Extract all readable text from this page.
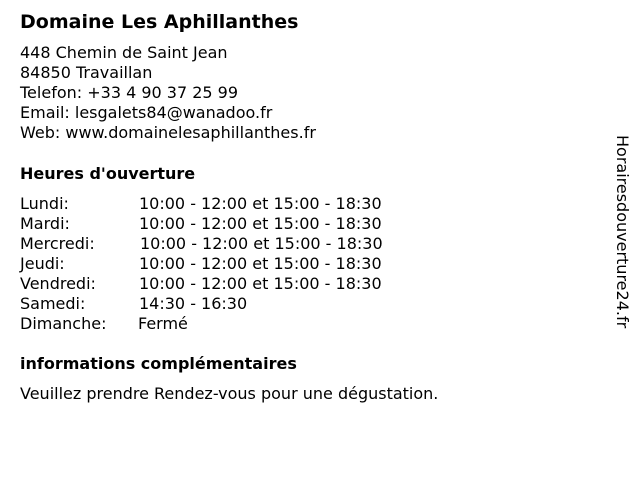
Domaine Les Aphillanthes
448 Chemin de Saint Jean
84850 Travaillan
Telefon: +33 4 90 37 25 99
Email: lesgalets84@wanadoo.fr
Web: www.domainelesaphillanthes.fr
Heures d'ouverture
Lundi:	10:00 - 12:00 et 15:00 - 18:30
Mardi:	10:00 - 12:00 et 15:00 - 18:30
Mercredi:	10:00 - 12:00 et 15:00 - 18:30
Jeudi:	10:00 - 12:00 et 15:00 - 18:30
Vendredi:	10:00 - 12:00 et 15:00 - 18:30
Samedi:	14:30 - 16:30
Dimanche: Fermé
informations complémentaires
Veuillez prendre Rendez-vous pour une dégustation.
Horairesdouverture24.fr
